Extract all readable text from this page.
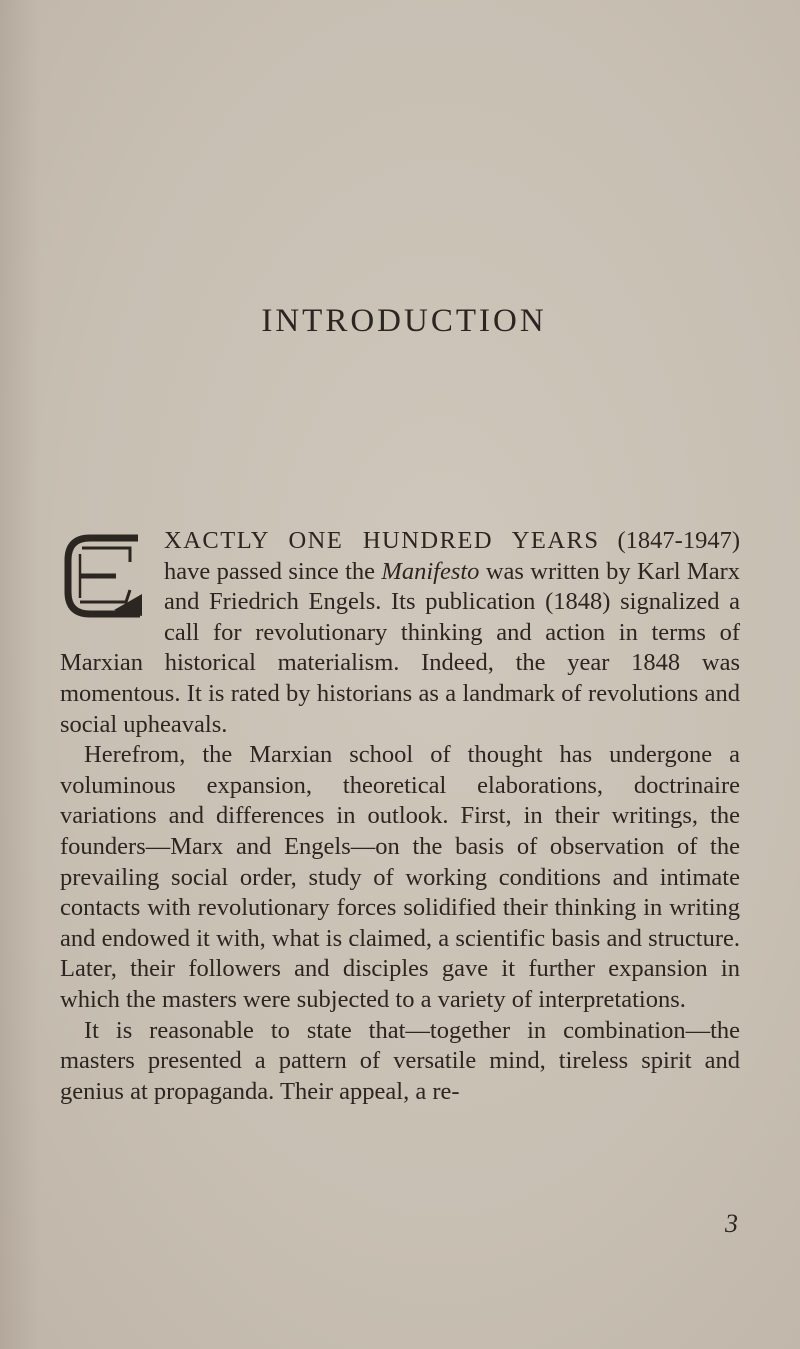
INTRODUCTION

XACTLY ONE HUNDRED YEARS (1847-1947) have passed since the Manifesto was written by Karl Marx and Friedrich Engels. Its publication (1848) signalized a call for revolutionary thinking and action in terms of Marxian historical materialism. Indeed, the year 1848 was momentous. It is rated by historians as a landmark of revolutions and social upheavals.

Herefrom, the Marxian school of thought has undergone a voluminous expansion, theoretical elaborations, doctrinaire variations and differences in outlook. First, in their writings, the founders—Marx and Engels—on the basis of observation of the prevailing social order, study of working conditions and intimate contacts with revolutionary forces solidified their thinking in writing and endowed it with, what is claimed, a scientific basis and structure. Later, their followers and disciples gave it further expansion in which the masters were subjected to a variety of interpretations.

It is reasonable to state that—together in combination—the masters presented a pattern of versatile mind, tireless spirit and genius at propaganda. Their appeal, a re-

3
